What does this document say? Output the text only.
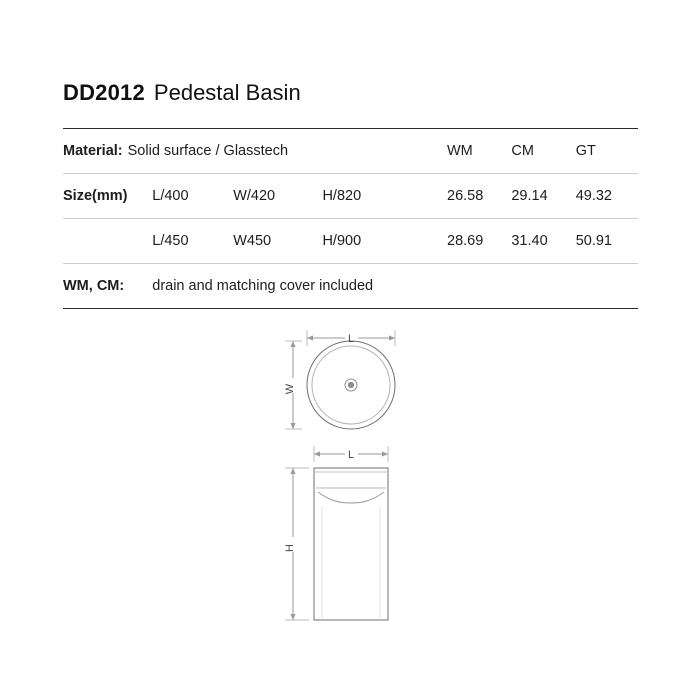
DD2012 Pedestal Basin
Material: Solid surface / Glasstech				WM	CM	GT
Size(mm)	L/400	W/420	H/820	26.58	29.14	49.32
	L/450	W450	H/900	28.69	31.40	50.91
WM, CM:	drain and matching cover included					
L
W
L
H
